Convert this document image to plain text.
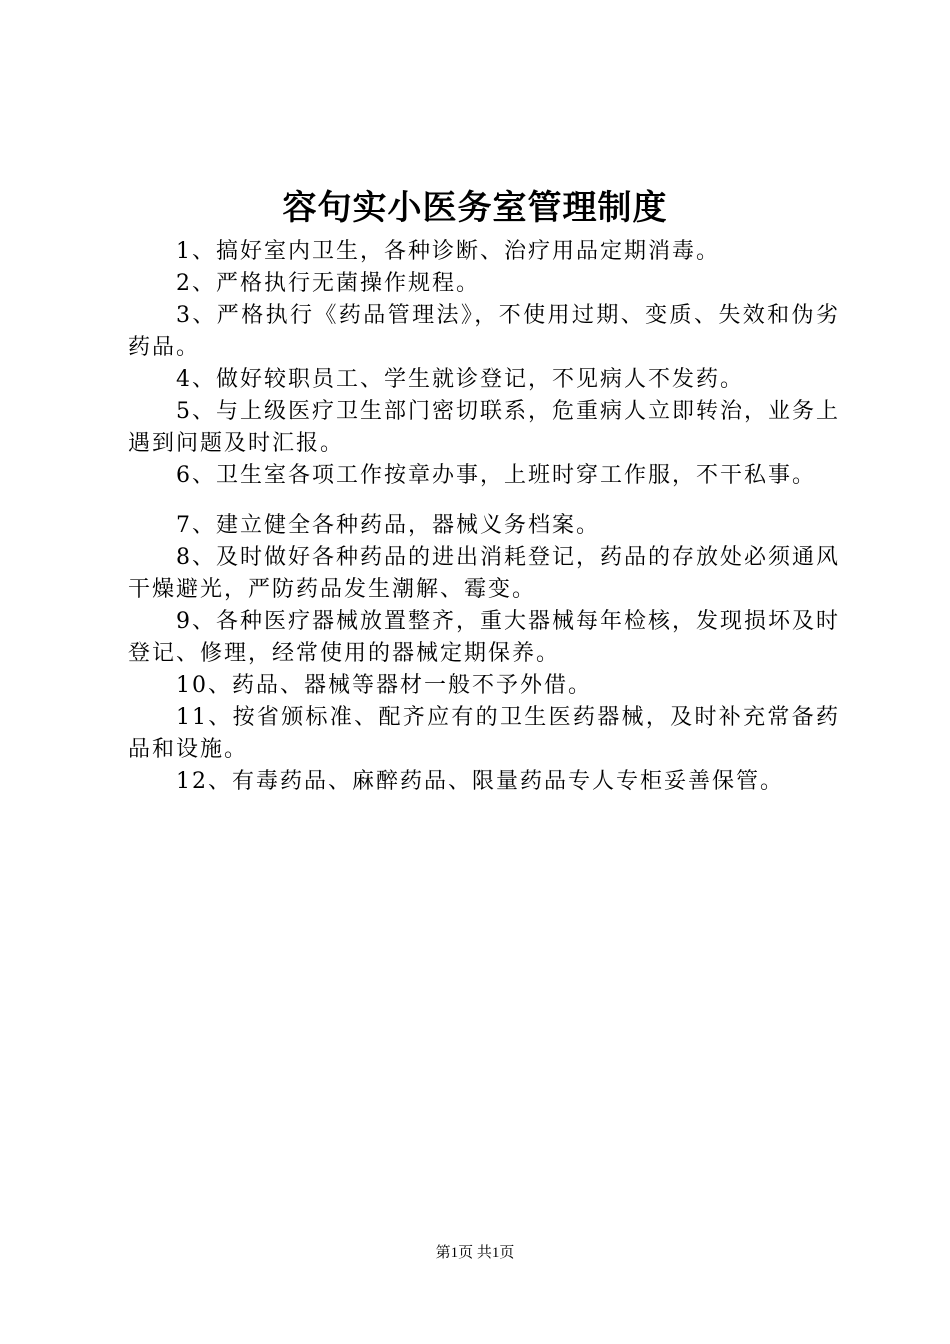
容句实小医务室管理制度

1、搞好室内卫生，各种诊断、治疗用品定期消毒。

2、严格执行无菌操作规程。

3、严格执行《药品管理法》，不使用过期、变质、失效和伪劣药品。

4、做好较职员工、学生就诊登记，不见病人不发药。

5、与上级医疗卫生部门密切联系，危重病人立即转治，业务上遇到问题及时汇报。

6、卫生室各项工作按章办事，上班时穿工作服，不干私事。

7、建立健全各种药品，器械义务档案。

8、及时做好各种药品的进出消耗登记，药品的存放处必须通风干燥避光，严防药品发生潮解、霉变。

9、各种医疗器械放置整齐，重大器械每年检核，发现损坏及时登记、修理，经常使用的器械定期保养。

10、药品、器械等器材一般不予外借。

11、按省颁标准、配齐应有的卫生医药器械，及时补充常备药品和设施。

12、有毒药品、麻醉药品、限量药品专人专柜妥善保管。

第1页 共1页
